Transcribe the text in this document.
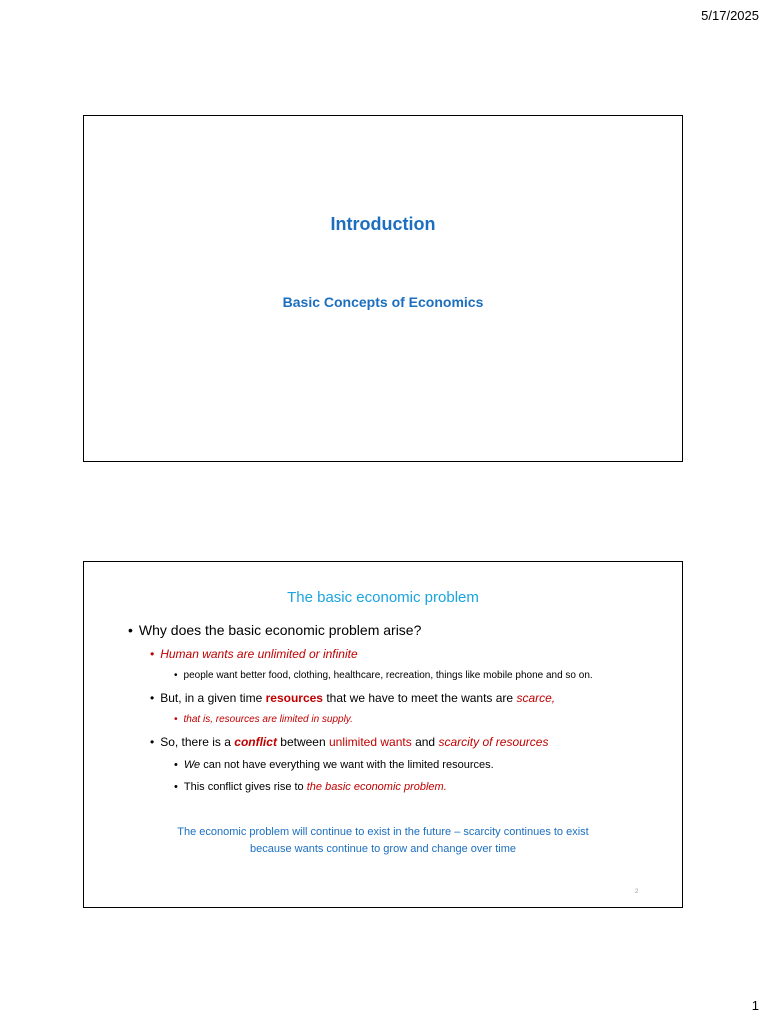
5/17/2025
Introduction
Basic Concepts of Economics
The basic economic problem
• Why does the basic economic problem arise?
• Human wants are unlimited or infinite
• people want better food, clothing, healthcare, recreation, things like mobile phone and so on.
• But, in a given time resources that we have to meet the wants are scarce,
• that is, resources are limited in supply.
• So, there is a conflict between unlimited wants and scarcity of resources
• We can not have everything we want with the limited resources.
• This conflict gives rise to the basic economic problem.
The economic problem will continue to exist in the future – scarcity continues to exist
because wants continue to grow and change over time
2
1
